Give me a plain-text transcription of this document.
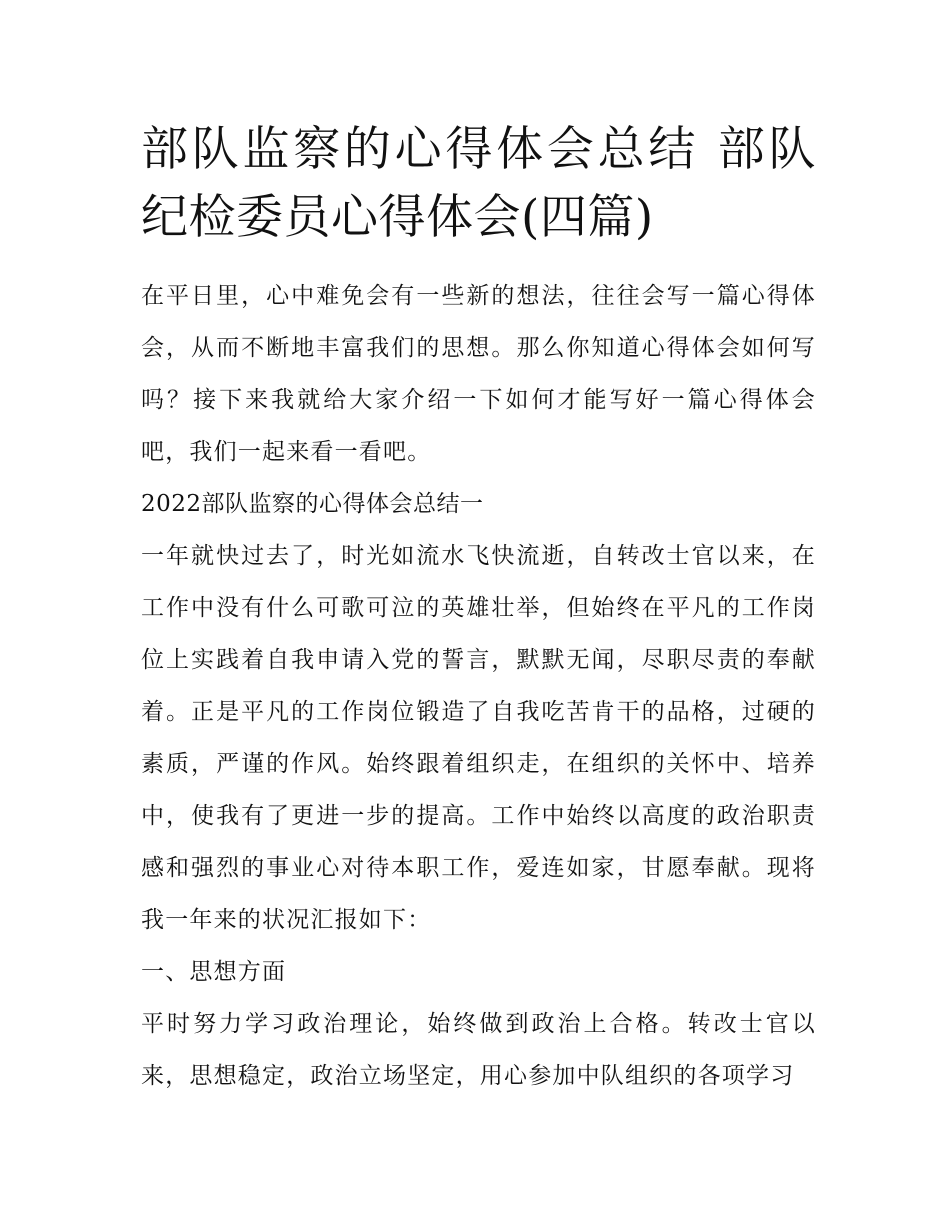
部队监察的心得体会总结 部队纪检委员心得体会(四篇)

在平日里，心中难免会有一些新的想法，往往会写一篇心得体会，从而不断地丰富我们的思想。那么你知道心得体会如何写吗？接下来我就给大家介绍一下如何才能写好一篇心得体会吧，我们一起来看一看吧。

2022部队监察的心得体会总结一

一年就快过去了，时光如流水飞快流逝，自转改士官以来，在工作中没有什么可歌可泣的英雄壮举，但始终在平凡的工作岗位上实践着自我申请入党的誓言，默默无闻，尽职尽责的奉献着。正是平凡的工作岗位锻造了自我吃苦肯干的品格，过硬的素质，严谨的作风。始终跟着组织走，在组织的关怀中、培养中，使我有了更进一步的提高。工作中始终以高度的政治职责感和强烈的事业心对待本职工作，爱连如家，甘愿奉献。现将我一年来的状况汇报如下：

一、思想方面

平时努力学习政治理论，始终做到政治上合格。转改士官以来，思想稳定，政治立场坚定，用心参加中队组织的各项学习
